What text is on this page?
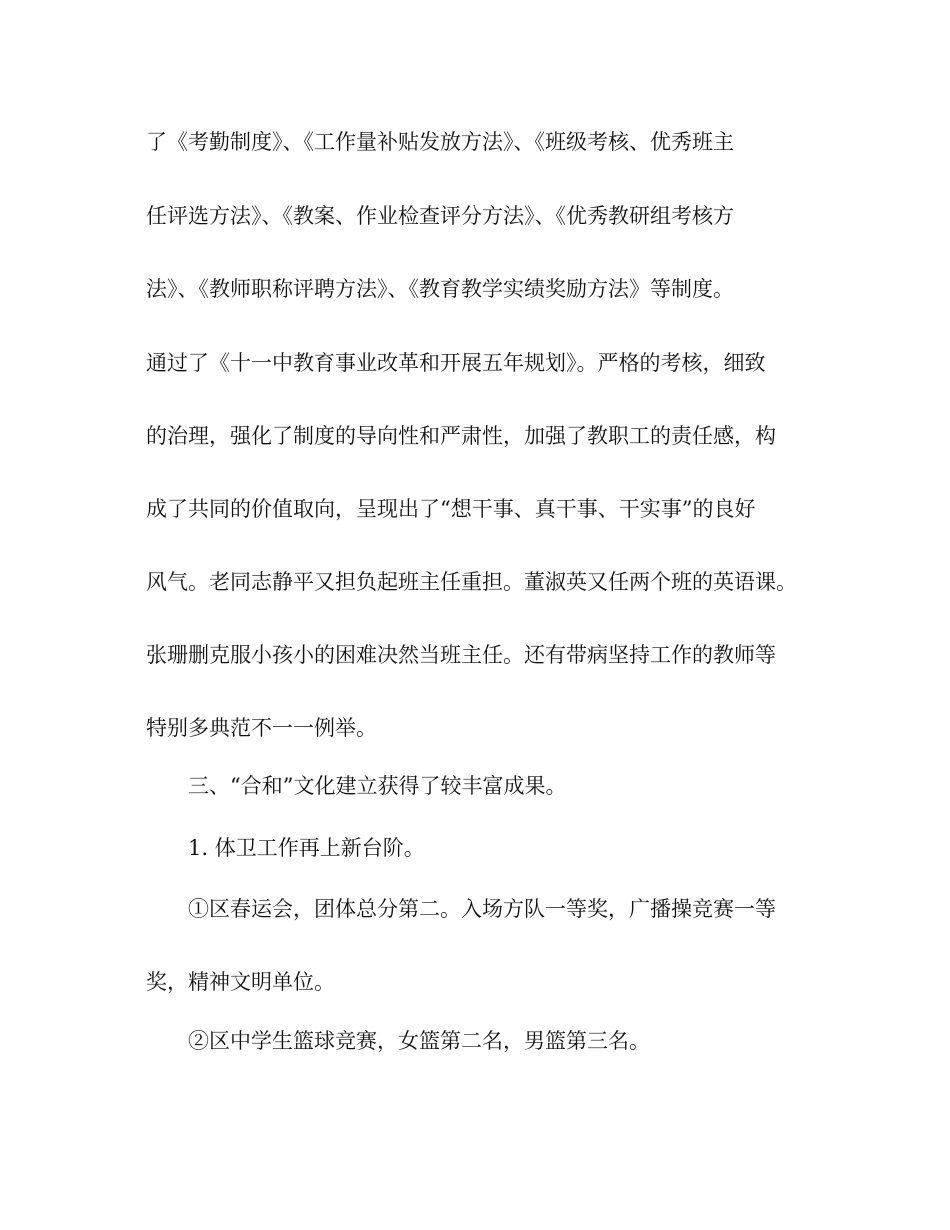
了《考勤制度》、《工作量补贴发放方法》、《班级考核、优秀班主
任评选方法》、《教案、作业检查评分方法》、《优秀教研组考核方
法》、《教师职称评聘方法》、《教育教学实绩奖励方法》等制度。
通过了《十一中教育事业改革和开展五年规划》。严格的考核，细致
的治理，强化了制度的导向性和严肃性，加强了教职工的责任感，构
成了共同的价值取向，呈现出了“想干事、真干事、干实事”的良好
风气。老同志静平又担负起班主任重担。董淑英又任两个班的英语课。
张珊删克服小孩小的困难决然当班主任。还有带病坚持工作的教师等
特别多典范不一一例举。
三、“合和”文化建立获得了较丰富成果。
1. 体卫工作再上新台阶。
①区春运会，团体总分第二。入场方队一等奖，广播操竞赛一等
奖，精神文明单位。
②区中学生篮球竞赛，女篮第二名，男篮第三名。
